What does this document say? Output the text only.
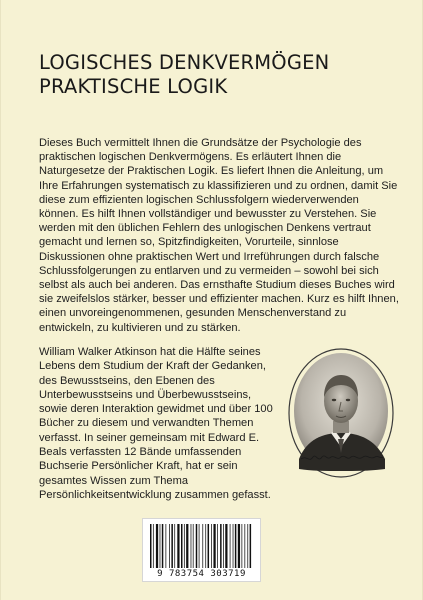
LOGISCHES DENKVERMÖGEN
PRAKTISCHE LOGIK

Dieses Buch vermittelt Ihnen die Grundsätze der Psychologie des praktischen logischen Denkvermögens. Es erläutert Ihnen die Naturgesetze der Praktischen Logik. Es liefert Ihnen die Anleitung, um Ihre Erfahrungen systematisch zu klassifizieren und zu ordnen, damit Sie diese zum effizienten logischen Schlussfolgern wiederverwenden können. Es hilft Ihnen vollständiger und bewusster zu Verstehen. Sie werden mit den üblichen Fehlern des unlogischen Denkens vertraut gemacht und lernen so, Spitzfindigkeiten, Vorurteile, sinnlose Diskussionen ohne praktischen Wert und Irreführungen durch falsche Schlussfolgerungen zu entlarven und zu vermeiden – sowohl bei sich selbst als auch bei anderen. Das ernsthafte Studium dieses Buches wird sie zweifelslos stärker, besser und effizienter machen. Kurz es hilft Ihnen, einen unvoreingenommenen, gesunden Menschenverstand zu entwickeln, zu kultivieren und zu stärken.

William Walker Atkinson hat die Hälfte seines Lebens dem Studium der Kraft der Gedanken, des Bewusstseins, den Ebenen des Unterbewusstseins und Überbewusstseins, sowie deren Interaktion gewidmet und über 100 Bücher zu diesem und verwandten Themen verfasst. In seiner gemeinsam mit Edward E. Beals verfassten 12 Bände umfassenden Buchserie Persönlicher Kraft, hat er sein gesamtes Wissen zum Thema Persönlichkeitsentwicklung zusammen gefasst.

9 783754 303719
